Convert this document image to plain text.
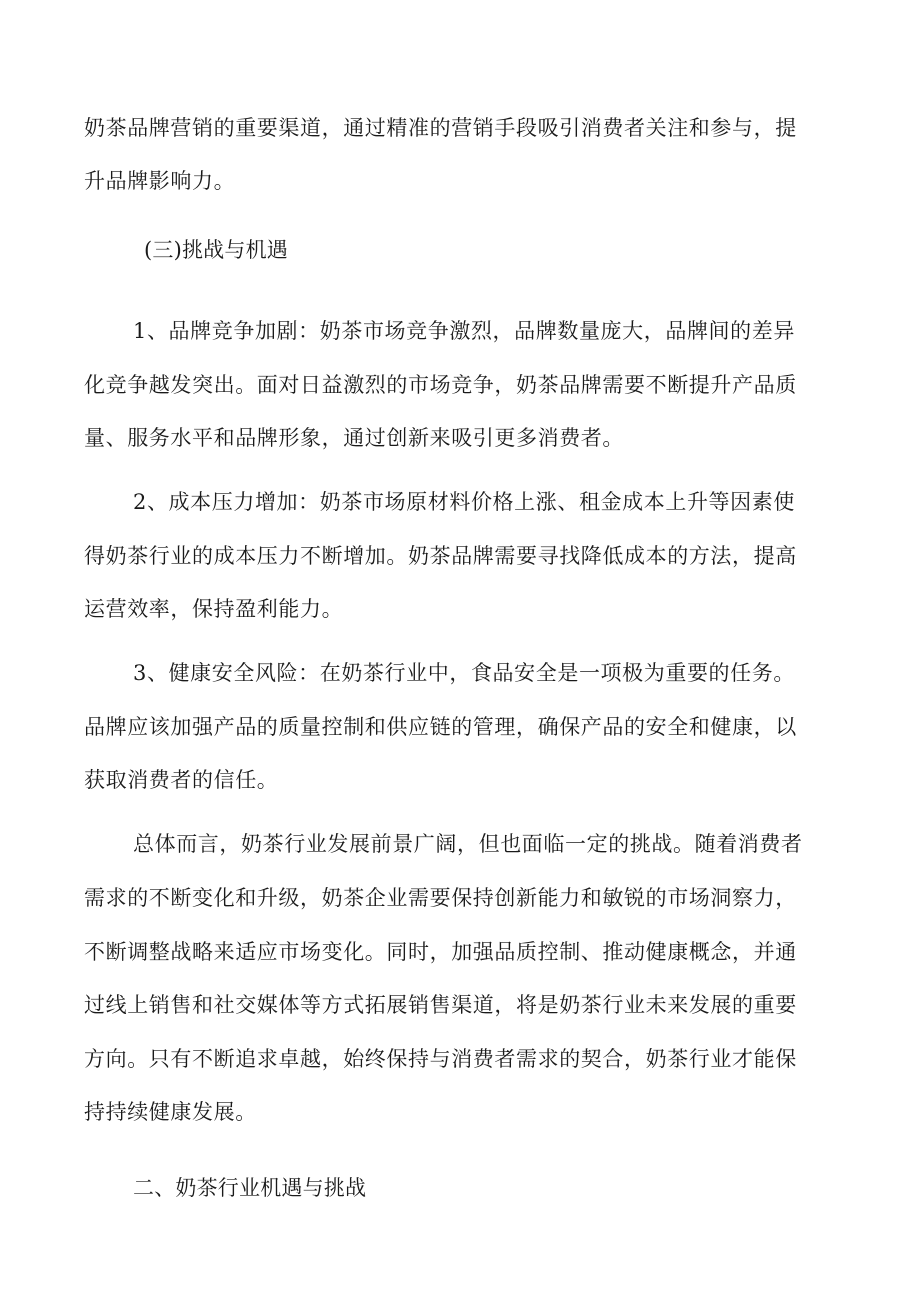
奶茶品牌营销的重要渠道，通过精准的营销手段吸引消费者关注和参与，提
升品牌影响力。
(三)挑战与机遇
1、品牌竞争加剧：奶茶市场竞争激烈，品牌数量庞大，品牌间的差异
化竞争越发突出。面对日益激烈的市场竞争，奶茶品牌需要不断提升产品质
量、服务水平和品牌形象，通过创新来吸引更多消费者。
2、成本压力增加：奶茶市场原材料价格上涨、租金成本上升等因素使
得奶茶行业的成本压力不断增加。奶茶品牌需要寻找降低成本的方法，提高
运营效率，保持盈利能力。
3、健康安全风险：在奶茶行业中，食品安全是一项极为重要的任务。
品牌应该加强产品的质量控制和供应链的管理，确保产品的安全和健康，以
获取消费者的信任。
总体而言，奶茶行业发展前景广阔，但也面临一定的挑战。随着消费者
需求的不断变化和升级，奶茶企业需要保持创新能力和敏锐的市场洞察力，
不断调整战略来适应市场变化。同时，加强品质控制、推动健康概念，并通
过线上销售和社交媒体等方式拓展销售渠道，将是奶茶行业未来发展的重要
方向。只有不断追求卓越，始终保持与消费者需求的契合，奶茶行业才能保
持持续健康发展。
二、奶茶行业机遇与挑战
